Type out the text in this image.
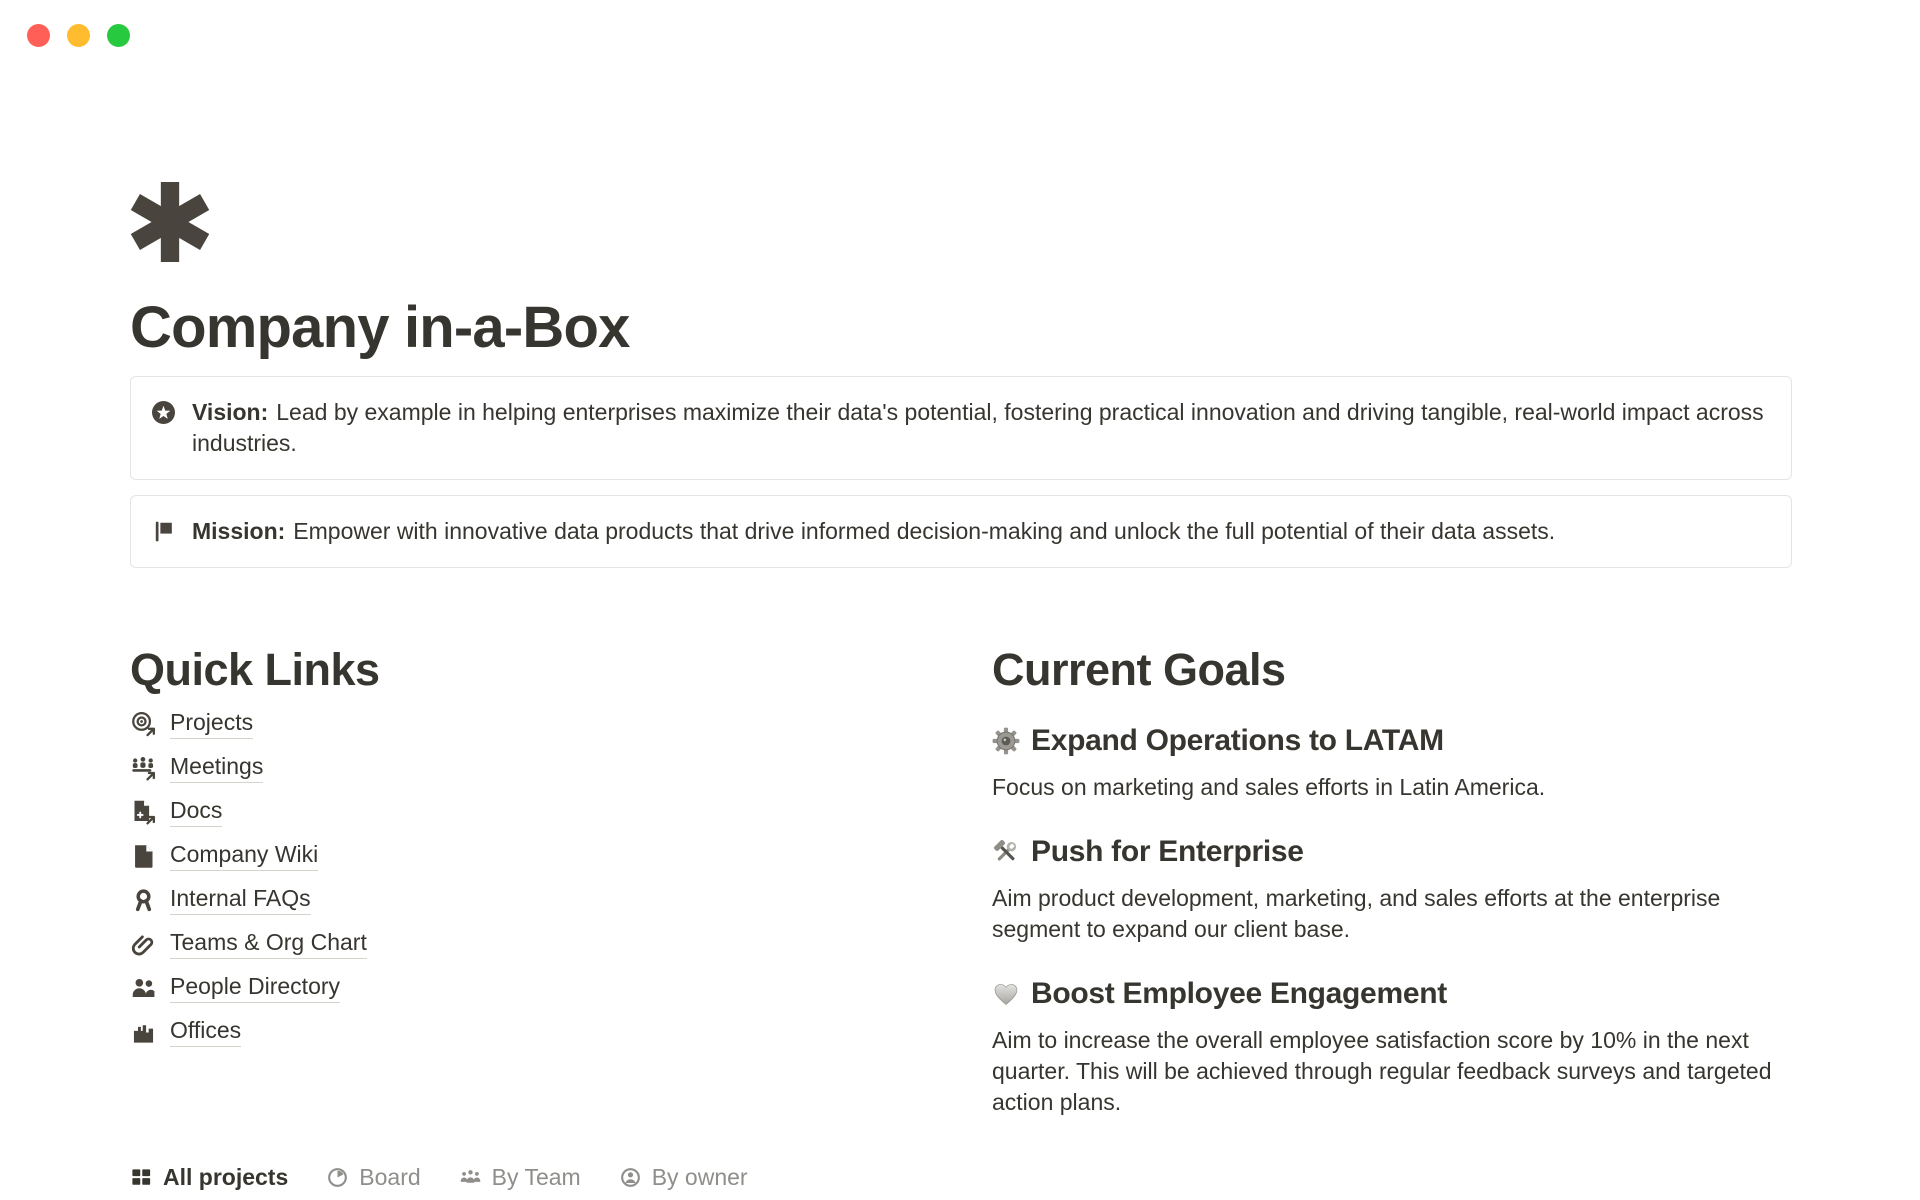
Company in-a-Box
Vision: Lead by example in helping enterprises maximize their data's potential, fostering practical innovation and driving tangible, real-world impact across industries.
Mission: Empower with innovative data products that drive informed decision-making and unlock the full potential of their data assets.
Quick Links
Projects
Meetings
Docs
Company Wiki
Internal FAQs
Teams & Org Chart
People Directory
Offices
Current Goals
Expand Operations to LATAM
Focus on marketing and sales efforts in Latin America.
Push for Enterprise
Aim product development, marketing, and sales efforts at the enterprise segment to expand our client base.
Boost Employee Engagement
Aim to increase the overall employee satisfaction score by 10% in the next quarter. This will be achieved through regular feedback surveys and targeted action plans.
All projects	Board	By Team	By owner
